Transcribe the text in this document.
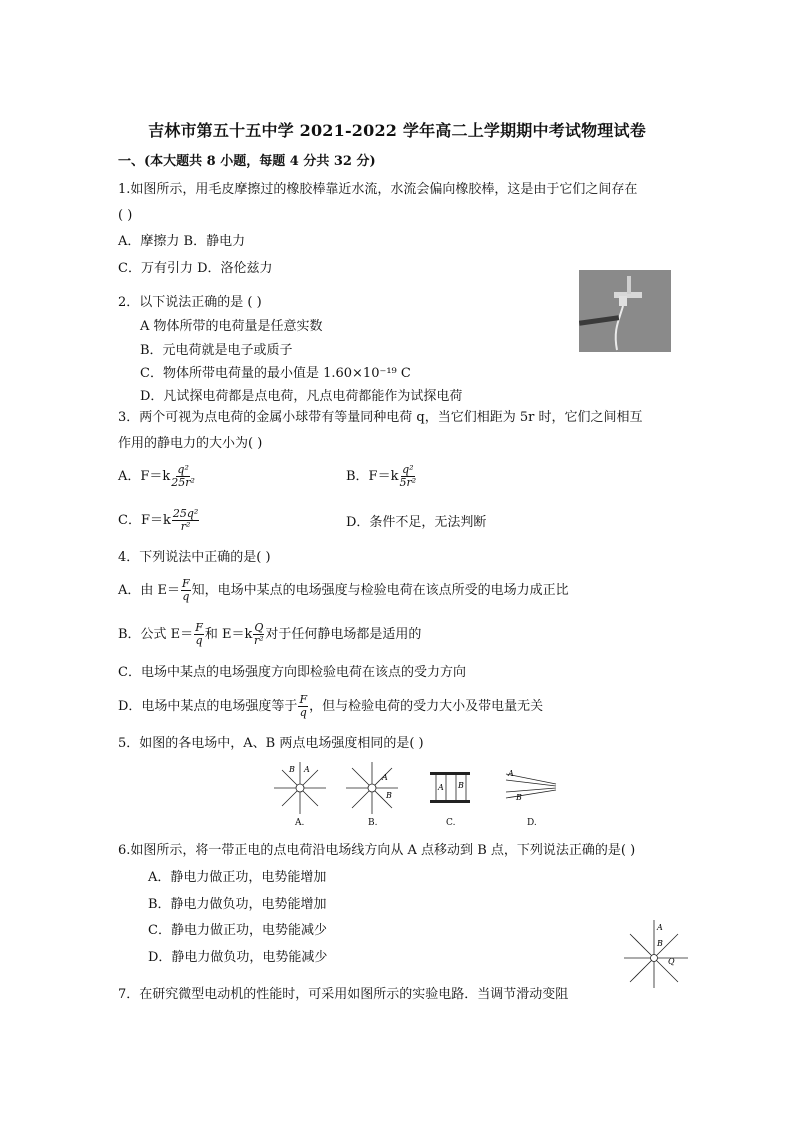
吉林市第五十五中学 2021-2022 学年高二上学期期中考试物理试卷
一、(本大题共 8 小题，每题 4 分共 32 分)
1.如图所示，用毛皮摩擦过的橡胶棒靠近水流，水流会偏向橡胶棒，这是由于它们之间存在
( )
A．摩擦力 B．静电力
C．万有引力 D．洛伦兹力
2．以下说法正确的是 ( )
A 物体所带的电荷量是任意实数
B．元电荷就是电子或质子
C．物体所带电荷量的最小值是 1.60×10⁻¹⁹ C
D．凡试探电荷都是点电荷，凡点电荷都能作为试探电荷
3．两个可视为点电荷的金属小球带有等量同种电荷 q，当它们相距为 5r 时，它们之间相互
作用的静电力的大小为( )
A．$F=k \frac{\text{q²}}{\text{25r²}}$	B．$F=k \frac{\text{q²}}{\text{5r²}}$
C．$F=k \frac{\text{25q²}}{\text{r²}}$	D．条件不足，无法判断
4．下列说法中正确的是( )
A．由 $E= \frac{F}{q}$ 知，电场中某点的电场强度与检验电荷在该点所受的电场力成正比
B．公式 $E= \frac{F}{q}$ 和 $E=k \frac{Q}{\text{r²}}$ 对于任何静电场都是适用的
C．电场中某点的电场强度方向即检验电荷在该点的受力方向
D．电场中某点的电场强度等于 $\frac{F}{q}$ ，但与检验电荷的受力大小及带电量无关
5．如图的各电场中，A、B 两点电场强度相同的是( )
B A
A.
A
B
B.
A B
C.
A
B
D.
6.如图所示，将一带正电的点电荷沿电场线方向从 A 点移动到 B 点，下列说法正确的是( )
A．静电力做正功，电势能增加
B．静电力做负功，电势能增加
C．静电力做正功，电势能减少
D．静电力做负功，电势能减少
A
B
Q
7．在研究微型电动机的性能时，可采用如图所示的实验电路．当调节滑动变阻
